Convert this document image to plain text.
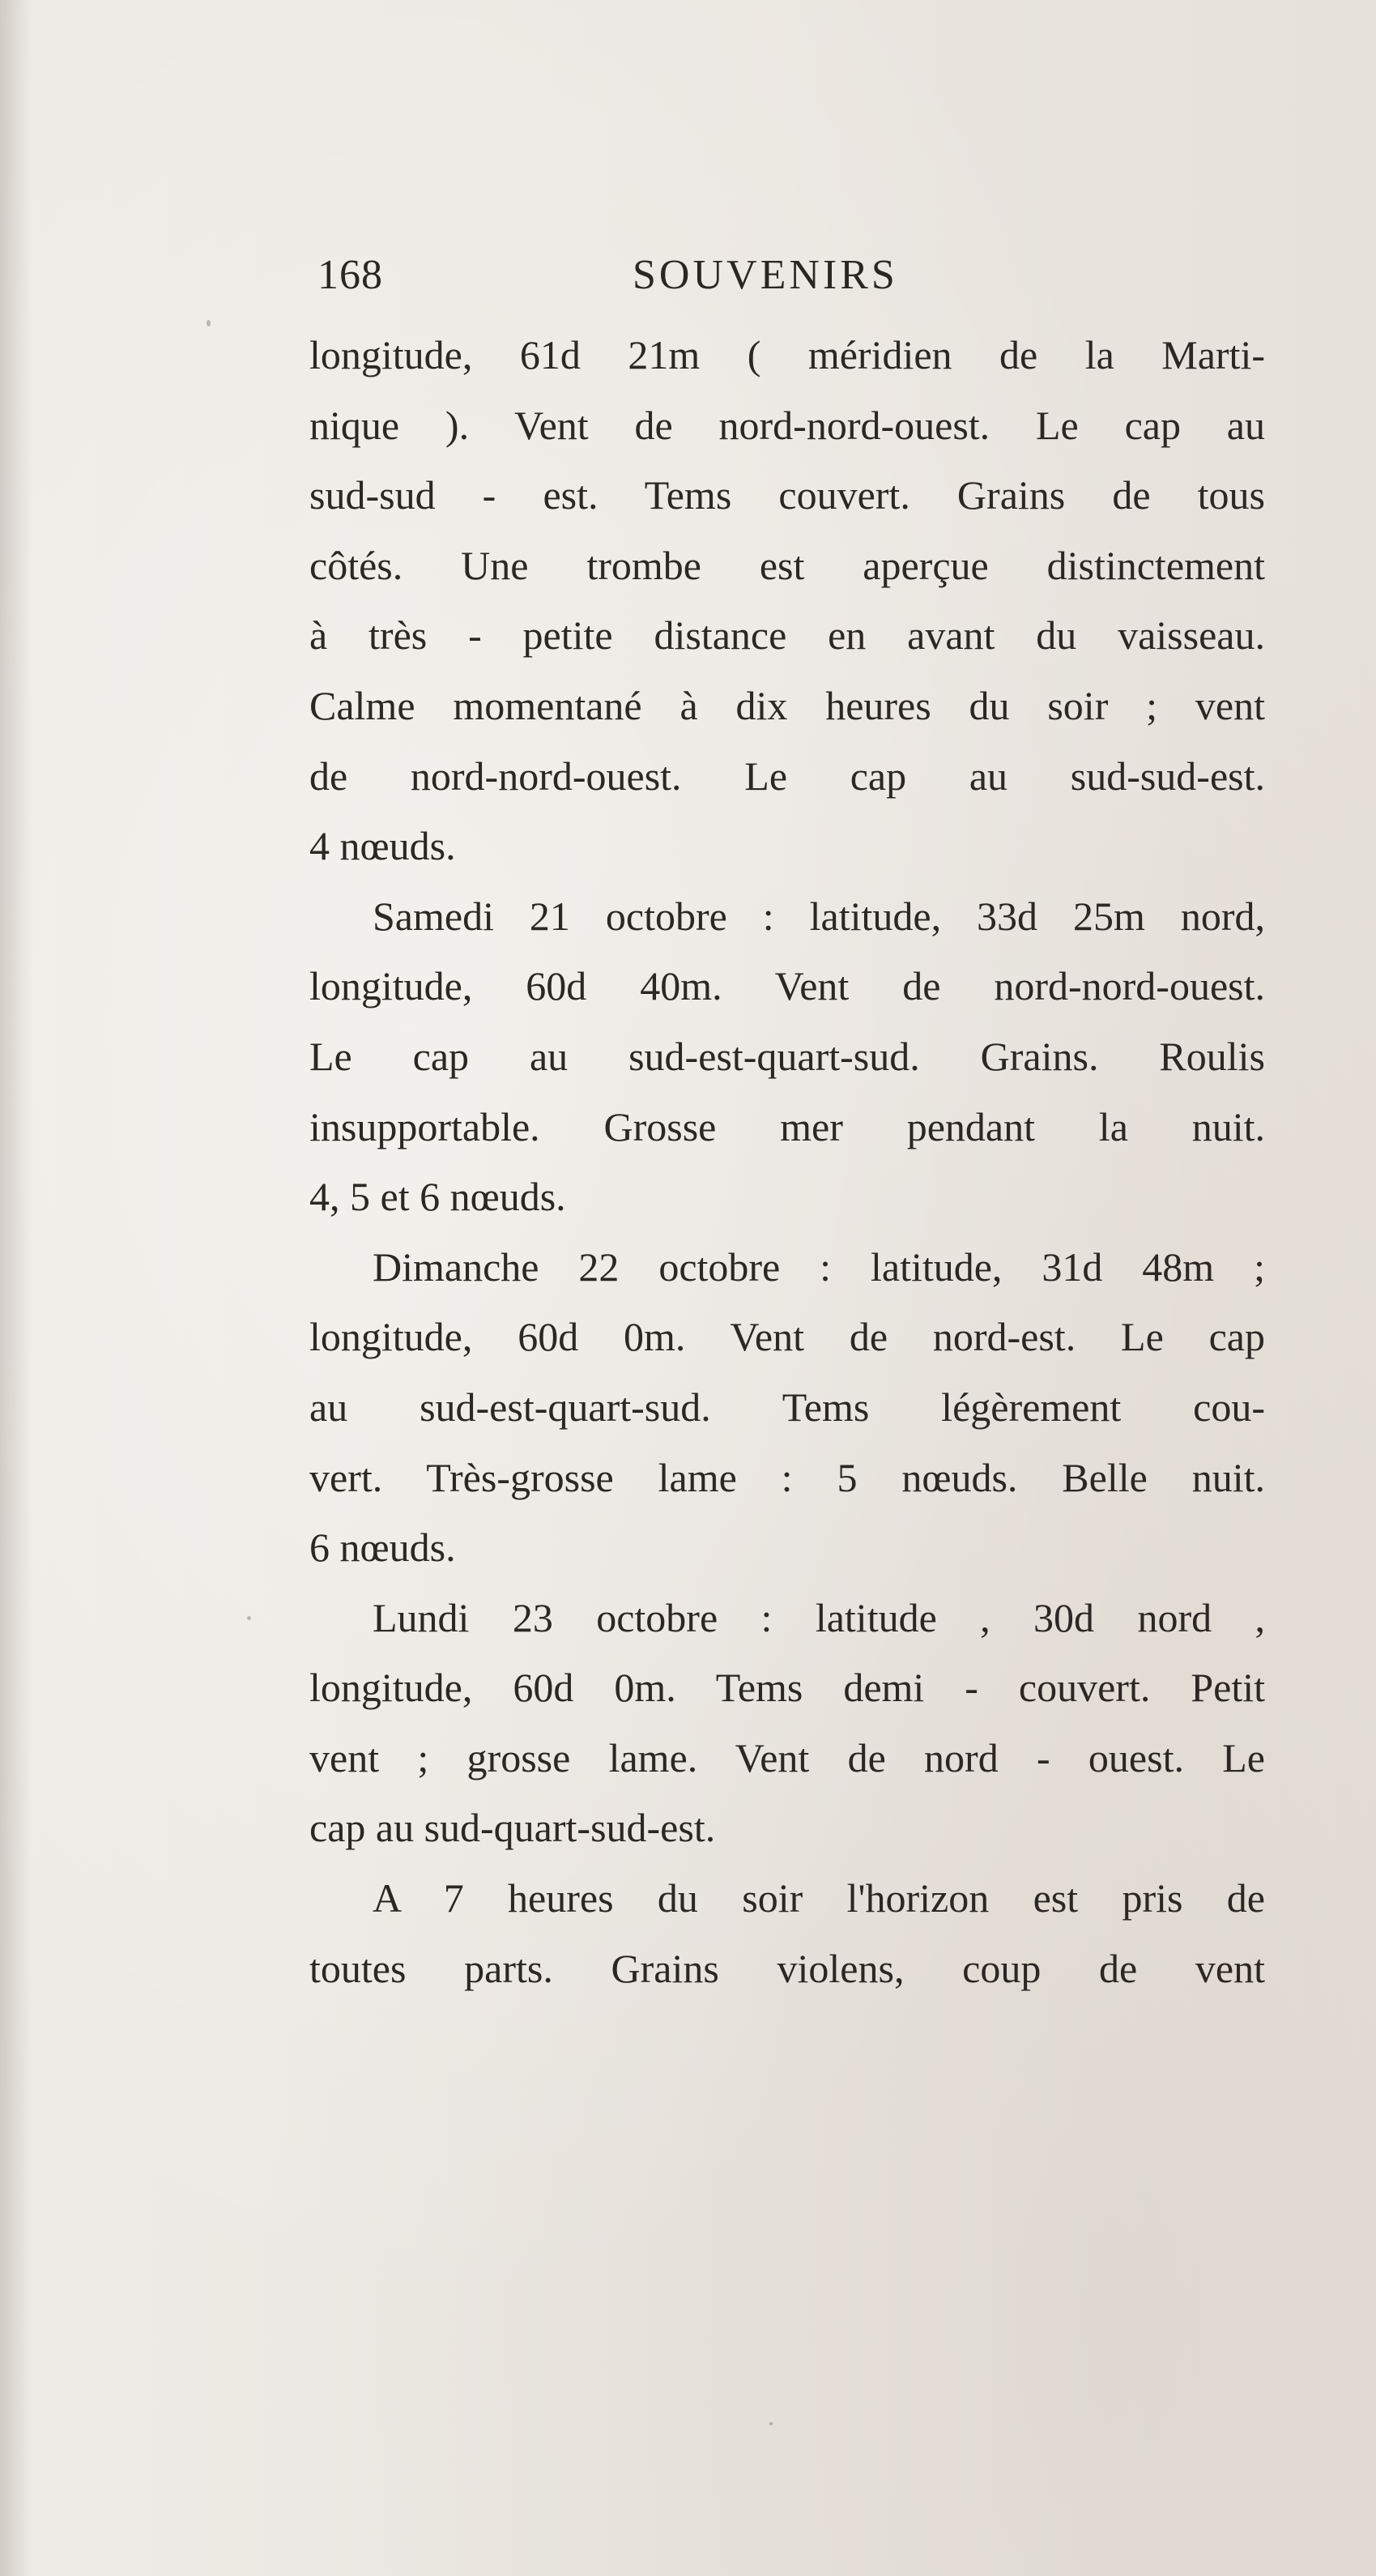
168	SOUVENIRS
longitude, 61d 21m ( méridien de la Marti-
nique ). Vent de nord-nord-ouest. Le cap au
sud-sud - est. Tems couvert. Grains de tous
côtés. Une trombe est aperçue distinctement
à très - petite distance en avant du vaisseau.
Calme momentané à dix heures du soir ; vent
de nord-nord-ouest. Le cap au sud-sud-est.
4 nœuds.
Samedi 21 octobre : latitude, 33d 25m nord,
longitude, 60d 40m. Vent de nord-nord-ouest.
Le cap au sud-est-quart-sud. Grains. Roulis
insupportable. Grosse mer pendant la nuit.
4, 5 et 6 nœuds.
Dimanche 22 octobre : latitude, 31d 48m ;
longitude, 60d 0m. Vent de nord-est. Le cap
au sud-est-quart-sud. Tems légèrement cou-
vert. Très-grosse lame : 5 nœuds. Belle nuit.
6 nœuds.
Lundi 23 octobre : latitude , 30d nord ,
longitude, 60d 0m. Tems demi - couvert. Petit
vent ; grosse lame. Vent de nord - ouest. Le
cap au sud-quart-sud-est.
A 7 heures du soir l'horizon est pris de
toutes parts. Grains violens, coup de vent
